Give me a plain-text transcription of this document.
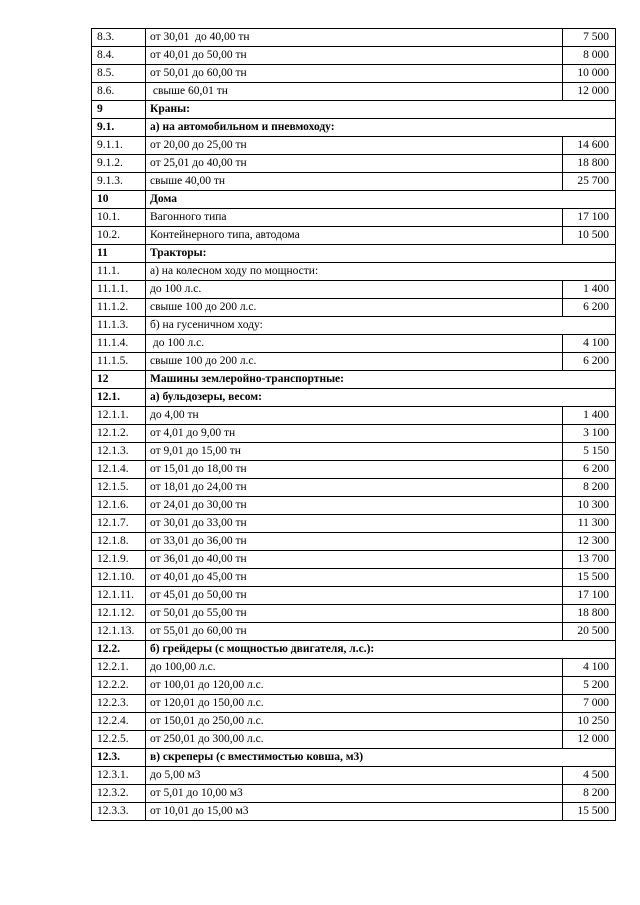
8.3.	от 30,01  до 40,00 тн	7 500
8.4.	от 40,01 до 50,00 тн	8 000
8.5.	от 50,01 до 60,00 тн	10 000
8.6.	свыше 60,01 тн	12 000
9	Краны:	
9.1.	а) на автомобильном и пневмоходу:	
9.1.1.	от 20,00 до 25,00 тн	14 600
9.1.2.	от 25,01 до 40,00 тн	18 800
9.1.3.	свыше 40,00 тн	25 700
10	Дома	
10.1.	Вагонного типа	17 100
10.2.	Контейнерного типа, автодома	10 500
11	Тракторы:	
11.1.	а) на колесном ходу по мощности:	
11.1.1.	до 100 л.с.	1 400
11.1.2.	свыше 100 до 200 л.с.	6 200
11.1.3.	б) на гусеничном ходу:	
11.1.4.	до 100 л.с.	4 100
11.1.5.	свыше 100 до 200 л.с.	6 200
12	Машины землеройно-транспортные:	
12.1.	а) бульдозеры, весом:	
12.1.1.	до 4,00 тн	1 400
12.1.2.	от 4,01 до 9,00 тн	3 100
12.1.3.	от 9,01 до 15,00 тн	5 150
12.1.4.	от 15,01 до 18,00 тн	6 200
12.1.5.	от 18,01 до 24,00 тн	8 200
12.1.6.	от 24,01 до 30,00 тн	10 300
12.1.7.	от 30,01 до 33,00 тн	11 300
12.1.8.	от 33,01 до 36,00 тн	12 300
12.1.9.	от 36,01 до 40,00 тн	13 700
12.1.10.	от 40,01 до 45,00 тн	15 500
12.1.11.	от 45,01 до 50,00 тн	17 100
12.1.12.	от 50,01 до 55,00 тн	18 800
12.1.13.	от 55,01 до 60,00 тн	20 500
12.2.	б) грейдеры (с мощностью двигателя, л.с.):	
12.2.1.	до 100,00 л.с.	4 100
12.2.2.	от 100,01 до 120,00 л.с.	5 200
12.2.3.	от 120,01 до 150,00 л.с.	7 000
12.2.4.	от 150,01 до 250,00 л.с.	10 250
12.2.5.	от 250,01 до 300,00 л.с.	12 000
12.3.	в) скреперы (с вместимостью ковша, м3)	
12.3.1.	до 5,00 м3	4 500
12.3.2.	от 5,01 до 10,00 м3	8 200
12.3.3.	от 10,01 до 15,00 м3	15 500
